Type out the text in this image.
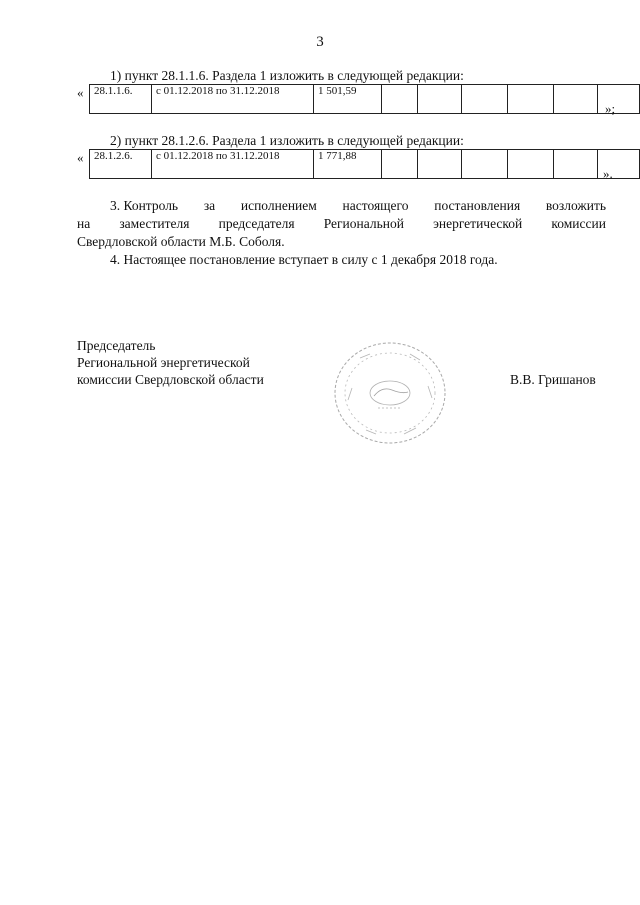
3
1) пункт 28.1.1.6. Раздела 1 изложить в следующей редакции:
« 28.1.1.6.	с 01.12.2018 по 31.12.2018	1 501,59						
»;
2) пункт 28.1.2.6. Раздела 1 изложить в следующей редакции:
« 28.1.2.6.	с 01.12.2018 по 31.12.2018	1 771,88						
».
3. Контроль за исполнением настоящего постановления возложить
на заместителя председателя Региональной энергетической комиссии
Свердловской области М.Б. Соболя.
4. Настоящее постановление вступает в силу с 1 декабря 2018 года.
Председатель
Региональной энергетической
комиссии Свердловской области	В.В. Гришанов
